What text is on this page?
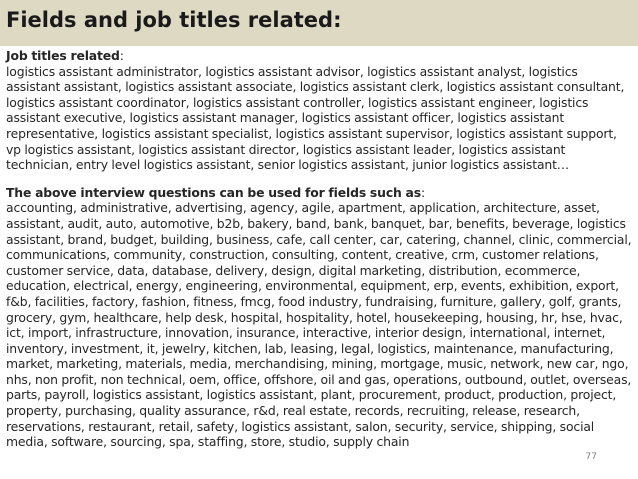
Fields and job titles related:

Job titles related:

logistics assistant administrator, logistics assistant advisor, logistics assistant analyst, logistics assistant assistant, logistics assistant associate, logistics assistant clerk, logistics assistant consultant, logistics assistant coordinator, logistics assistant controller, logistics assistant engineer, logistics assistant executive, logistics assistant manager, logistics assistant officer, logistics assistant representative, logistics assistant specialist, logistics assistant supervisor, logistics assistant support, vp logistics assistant, logistics assistant director, logistics assistant leader, logistics assistant technician, entry level logistics assistant, senior logistics assistant, junior logistics assistant…

The above interview questions can be used for fields such as:

accounting, administrative, advertising, agency, agile, apartment, application, architecture, asset, assistant, audit, auto, automotive, b2b, bakery, band, bank, banquet, bar, benefits, beverage, logistics assistant, brand, budget, building, business, cafe, call center, car, catering, channel, clinic, commercial, communications, community, construction, consulting, content, creative, crm, customer relations, customer service, data, database, delivery, design, digital marketing, distribution, ecommerce, education, electrical, energy, engineering, environmental, equipment, erp, events, exhibition, export, f&b, facilities, factory, fashion, fitness, fmcg, food industry, fundraising, furniture, gallery, golf, grants, grocery, gym, healthcare, help desk, hospital, hospitality, hotel, housekeeping, housing, hr, hse, hvac, ict, import, infrastructure, innovation, insurance, interactive, interior design, international, internet, inventory, investment, it, jewelry, kitchen, lab, leasing, legal, logistics, maintenance, manufacturing, market, marketing, materials, media, merchandising, mining, mortgage, music, network, new car, ngo, nhs, non profit, non technical, oem, office, offshore, oil and gas, operations, outbound, outlet, overseas, parts, payroll, logistics assistant, logistics assistant, plant, procurement, product, production, project, property, purchasing, quality assurance, r&d, real estate, records, recruiting, release, research, reservations, restaurant, retail, safety, logistics assistant, salon, security, service, shipping, social media, software, sourcing, spa, staffing, store, studio, supply chain

77
